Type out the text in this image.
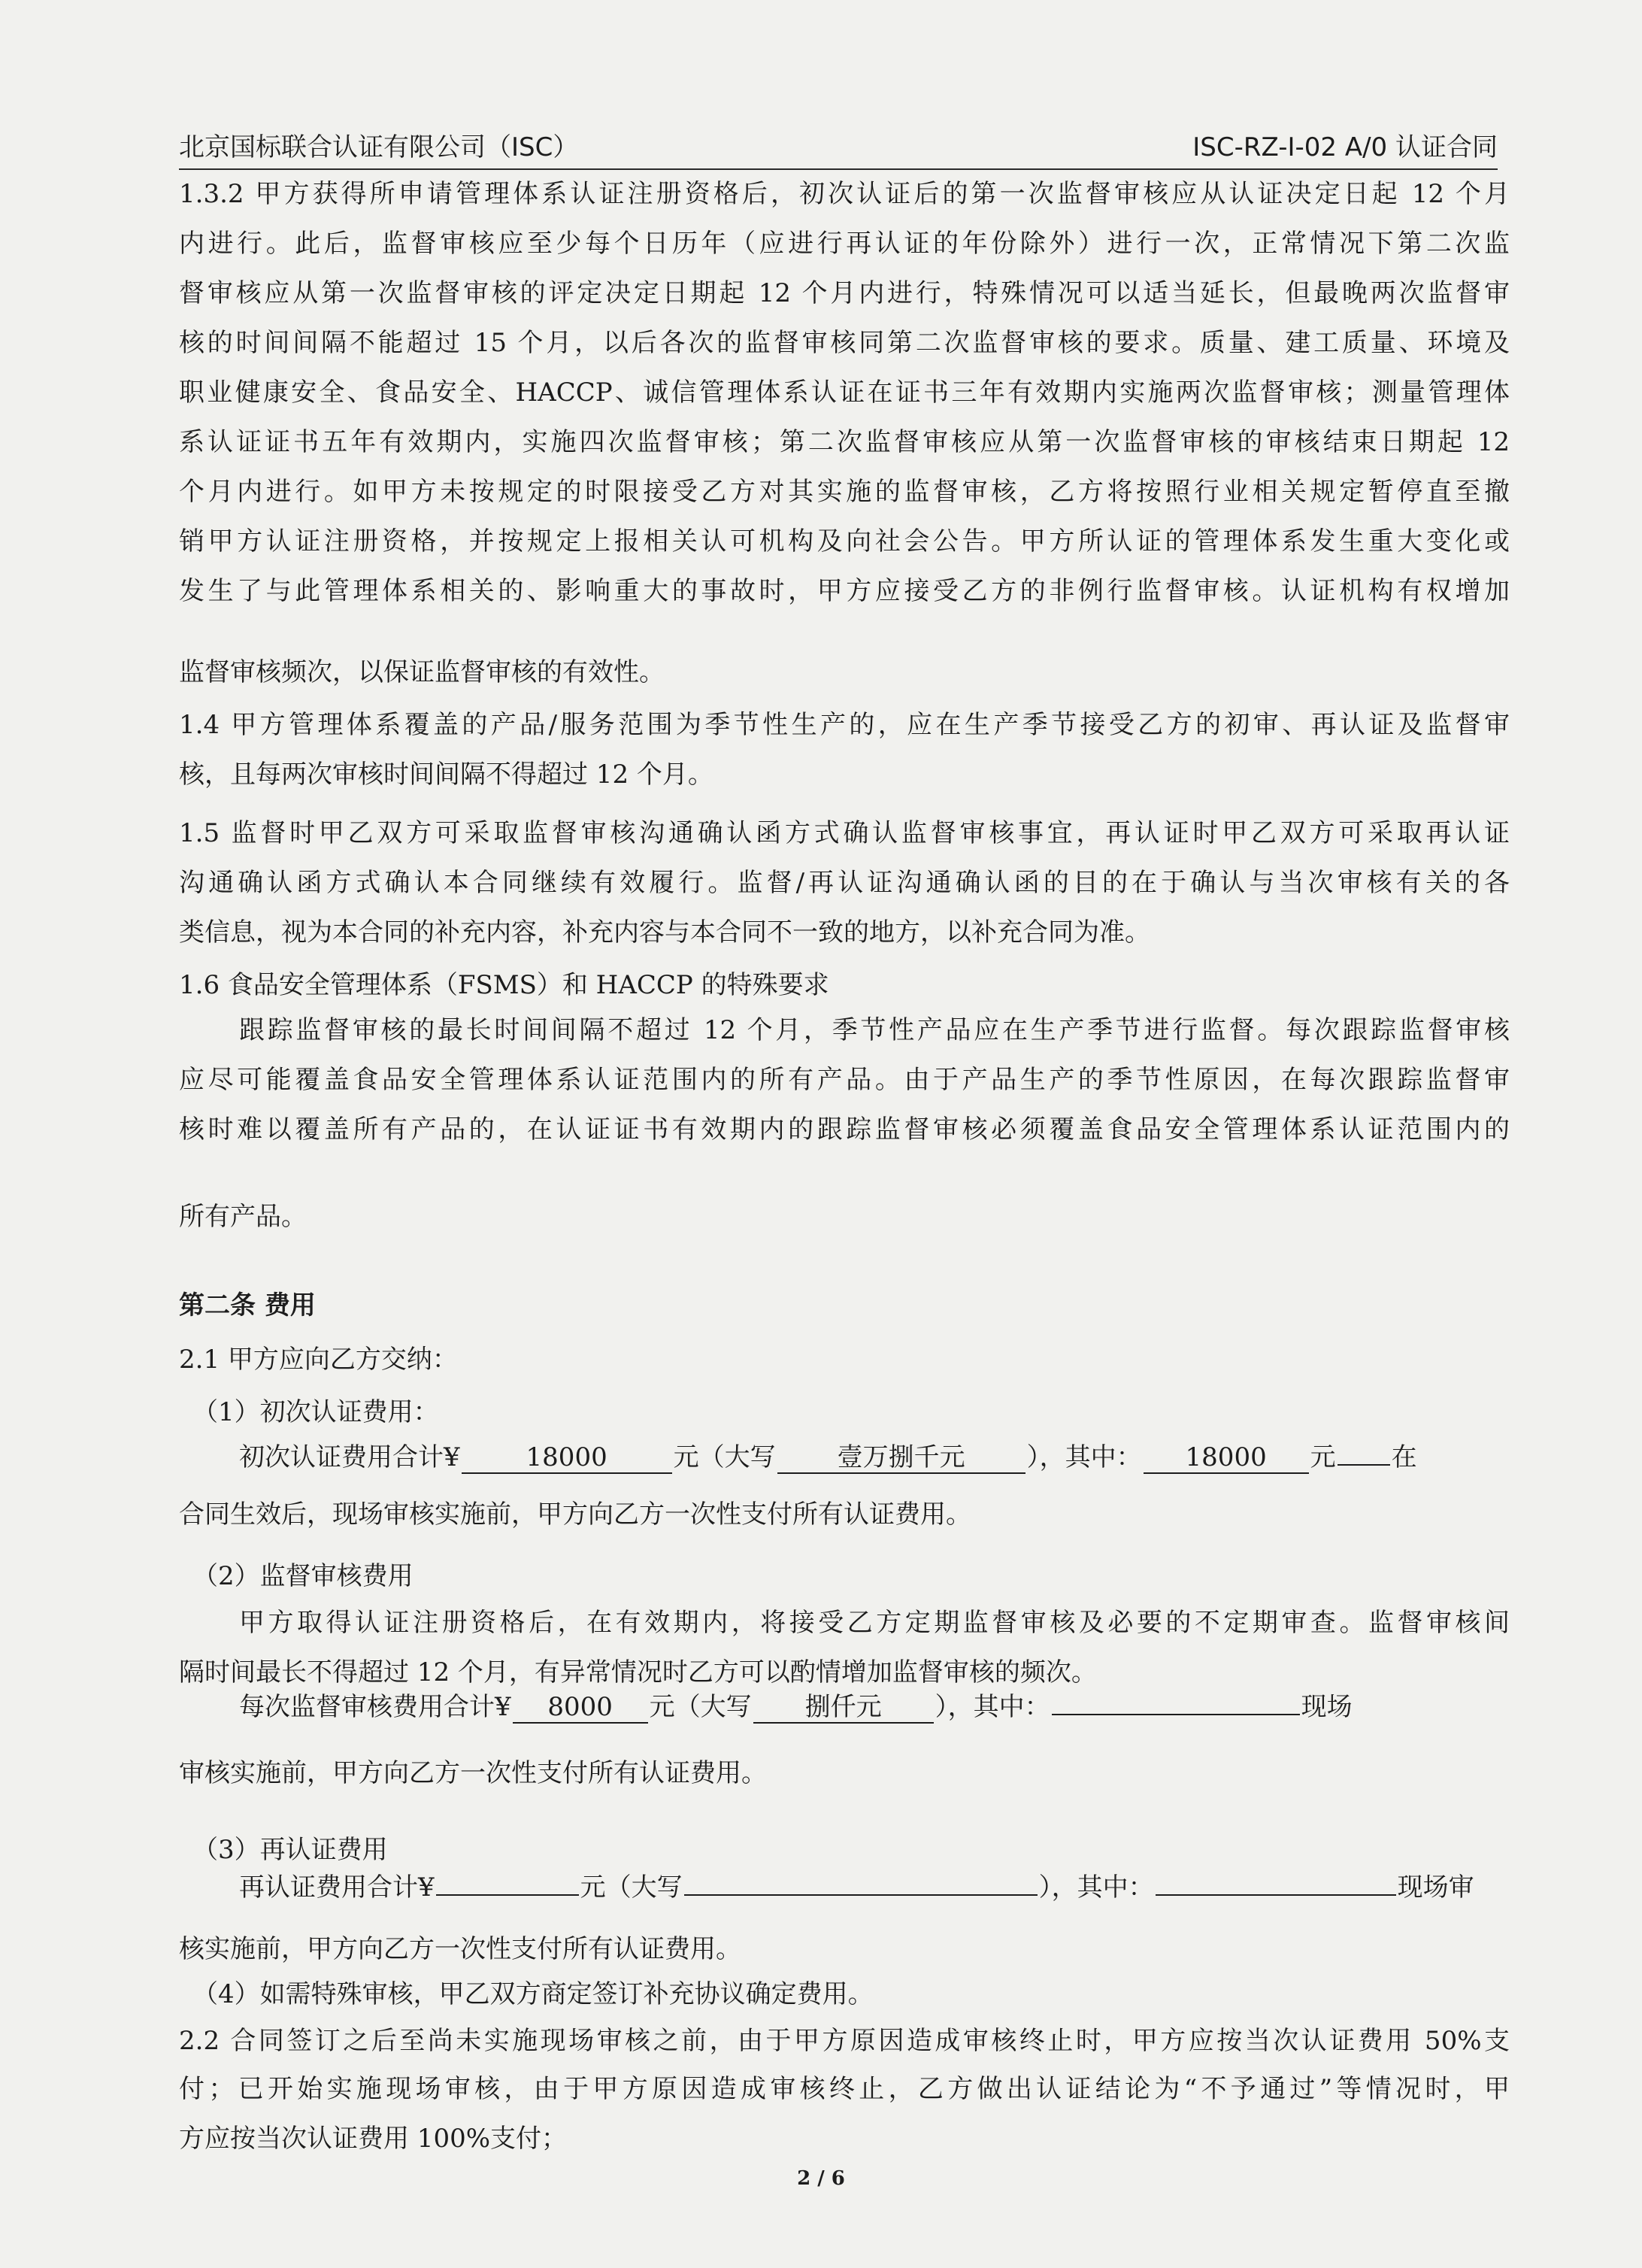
北京国标联合认证有限公司（ISC）	ISC-RZ-I-02 A/0 认证合同
1.3.2 甲方获得所申请管理体系认证注册资格后，初次认证后的第一次监督审核应从认证决定日起 12 个月
内进行。此后，监督审核应至少每个日历年（应进行再认证的年份除外）进行一次，正常情况下第二次监
督审核应从第一次监督审核的评定决定日期起 12 个月内进行，特殊情况可以适当延长，但最晚两次监督审
核的时间间隔不能超过 15 个月，以后各次的监督审核同第二次监督审核的要求。质量、建工质量、环境及
职业健康安全、食品安全、HACCP、诚信管理体系认证在证书三年有效期内实施两次监督审核；测量管理体
系认证证书五年有效期内，实施四次监督审核；第二次监督审核应从第一次监督审核的审核结束日期起 12
个月内进行。如甲方未按规定的时限接受乙方对其实施的监督审核，乙方将按照行业相关规定暂停直至撤
销甲方认证注册资格，并按规定上报相关认可机构及向社会公告。甲方所认证的管理体系发生重大变化或
发生了与此管理体系相关的、影响重大的事故时，甲方应接受乙方的非例行监督审核。认证机构有权增加
监督审核频次，以保证监督审核的有效性。
1.4 甲方管理体系覆盖的产品/服务范围为季节性生产的，应在生产季节接受乙方的初审、再认证及监督审
核，且每两次审核时间间隔不得超过 12 个月。
1.5 监督时甲乙双方可采取监督审核沟通确认函方式确认监督审核事宜，再认证时甲乙双方可采取再认证
沟通确认函方式确认本合同继续有效履行。监督/再认证沟通确认函的目的在于确认与当次审核有关的各
类信息，视为本合同的补充内容，补充内容与本合同不一致的地方，以补充合同为准。
1.6 食品安全管理体系（FSMS）和 HACCP 的特殊要求
跟踪监督审核的最长时间间隔不超过 12 个月，季节性产品应在生产季节进行监督。每次跟踪监督审核
应尽可能覆盖食品安全管理体系认证范围内的所有产品。由于产品生产的季节性原因，在每次跟踪监督审
核时难以覆盖所有产品的，在认证证书有效期内的跟踪监督审核必须覆盖食品安全管理体系认证范围内的
所有产品。
第二条 费用
2.1 甲方应向乙方交纳：
（1）初次认证费用：
初次认证费用合计¥	18000	元（大写 壹万捌千元 ），其中： 18000 元 在
合同生效后，现场审核实施前，甲方向乙方一次性支付所有认证费用。
（2）监督审核费用
甲方取得认证注册资格后，在有效期内，将接受乙方定期监督审核及必要的不定期审查。监督审核间
隔时间最长不得超过 12 个月，有异常情况时乙方可以酌情增加监督审核的频次。
每次监督审核费用合计¥ 8000 元（大写 捌仟元 ），其中：	现场
审核实施前，甲方向乙方一次性支付所有认证费用。
（3）再认证费用
再认证费用合计¥	元（大写	），其中：	现场审
核实施前，甲方向乙方一次性支付所有认证费用。
（4）如需特殊审核，甲乙双方商定签订补充协议确定费用。
2.2 合同签订之后至尚未实施现场审核之前，由于甲方原因造成审核终止时，甲方应按当次认证费用 50%支
付；已开始实施现场审核，由于甲方原因造成审核终止，乙方做出认证结论为“不予通过”等情况时，甲
方应按当次认证费用 100%支付；
2 / 6
